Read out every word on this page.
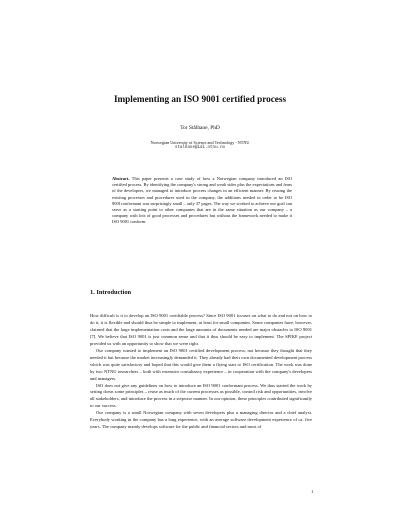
Implementing an ISO 9001 certified process
Tor Stålhane, PhD
Norwegian University of Science and Technology - NTNU
stalhane@idi.ntnu.no

Abstract. This paper presents a case study of how a Norwegian company introduced an ISO certified process. By identifying the company's strong and weak sides plus the expectations and fears of the developers, we managed to introduce process changes in an efficient manner. By reusing the existing processes and procedures used in the company, the additions needed in order to be ISO 9001conformant was surprisingly small – only 37 pages. The way we worked to achieve our goal can serve as a starting point to other companies that are in the same situation as our company – a company with lots of good processes and procedures but without the framework needed to make it ISO 9001 conform.

1. Introduction

How difficult is it to develop an ISO 9001 certifiable process? Since ISO 9001 focuses on what to do and not on how to do it, it is flexible and should thus be simple to implement, at least for small companies. Some companies have, however, claimed that the large implementation costs and the large amounts of documents needed are major obstacles to ISO 9001 [7]. We believe that ISO 9001 is just common sense and that it thus should be easy to implement. The SPIKE project provided us with an opportunity to show that we were right.

Our company wanted to implement an ISO 9001 certified development process, not because they thought that they needed it but because the market increasingly demanded it. They already had their own documented development process which was quite satisfactory and hoped that this would give them a flying start to ISO certification. The work was done by two NTNU researchers – both with extensive consultancy experience – in cooperation with the company's developers and managers.

ISO does not give any guidelines on how to introduce an ISO 9001 conformant process. We thus started the work by setting down some principles – reuse as much of the current processes as possible, control risk and opportunities, involve all stakeholders, and introduce the process in a stepwise manner. In our opinion, these principles contributed significantly to our success.

Our company is a small Norwegian company with seven developers plus a managing director and a chief analyst. Everybody working in the company has a long experience, with an average software development experience of ca. five years. The company mainly develops software for the public and financial sectors and most of

1
